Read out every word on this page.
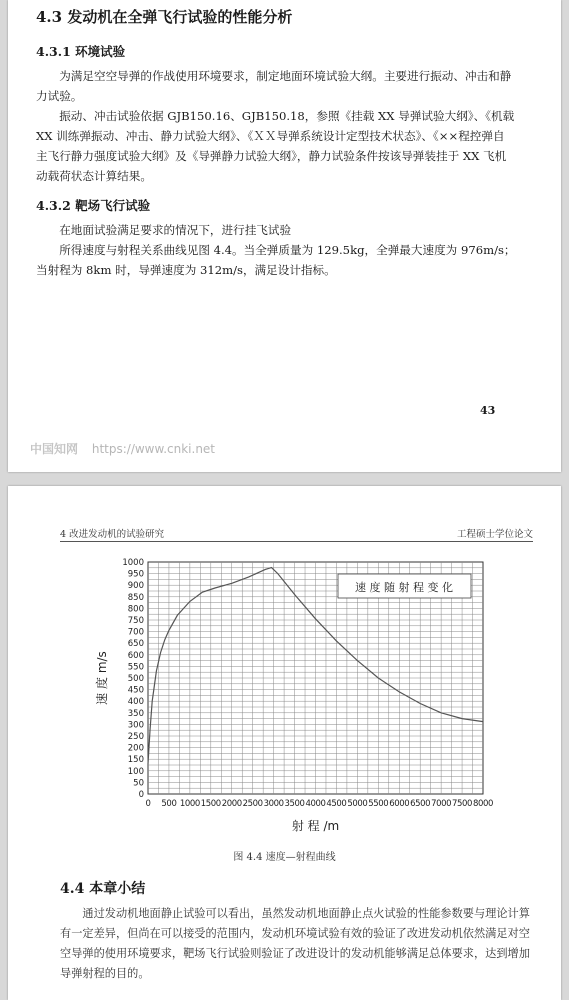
4.3 发动机在全弹飞行试验的性能分析
4.3.1 环境试验

为满足空空导弹的作战使用环境要求，制定地面环境试验大纲。主要进行振动、冲击和静力试验。

振动、冲击试验依据 GJB150.16、GJB150.18，参照《挂载 XX 导弹试验大纲》、《机载 XX 训练弹振动、冲击、静力试验大纲》、《ＸＸ导弹系统设计定型技术状态》、《××程控弹自主飞行静力强度试验大纲》及《导弹静力试验大纲》，静力试验条件按该导弹装挂于 XX 飞机动载荷状态计算结果。

4.3.2 靶场飞行试验

在地面试验满足要求的情况下，进行挂飞试验

所得速度与射程关系曲线见图 4.4。当全弹质量为 129.5kg，全弹最大速度为 976m/s；当射程为 8km 时，导弹速度为 312m/s，满足设计指标。

43
中国知网 https://www.cnki.net
4 改进发动机的试验研究	工程硕士学位论文
0
50
100
150
200
250
300
350
400
450
500
550
600
650
700
750
800
850
900
950
1000
0 500 1000 1500 2000 2500 3000 3500 4000 4500 5000 5500 6000 6500 7000 7500 8000
速 度 随 射 程 变 化
射 程 /m
速 度 m/s
图 4.4 速度—射程曲线
4.4 本章小结

通过发动机地面静止试验可以看出，虽然发动机地面静止点火试验的性能参数要与理论计算有一定差异，但尚在可以接受的范围内，发动机环境试验有效的验证了改进发动机依然满足对空空导弹的使用环境要求，靶场飞行试验则验证了改进设计的发动机能够满足总体要求，达到增加导弹射程的目的。
